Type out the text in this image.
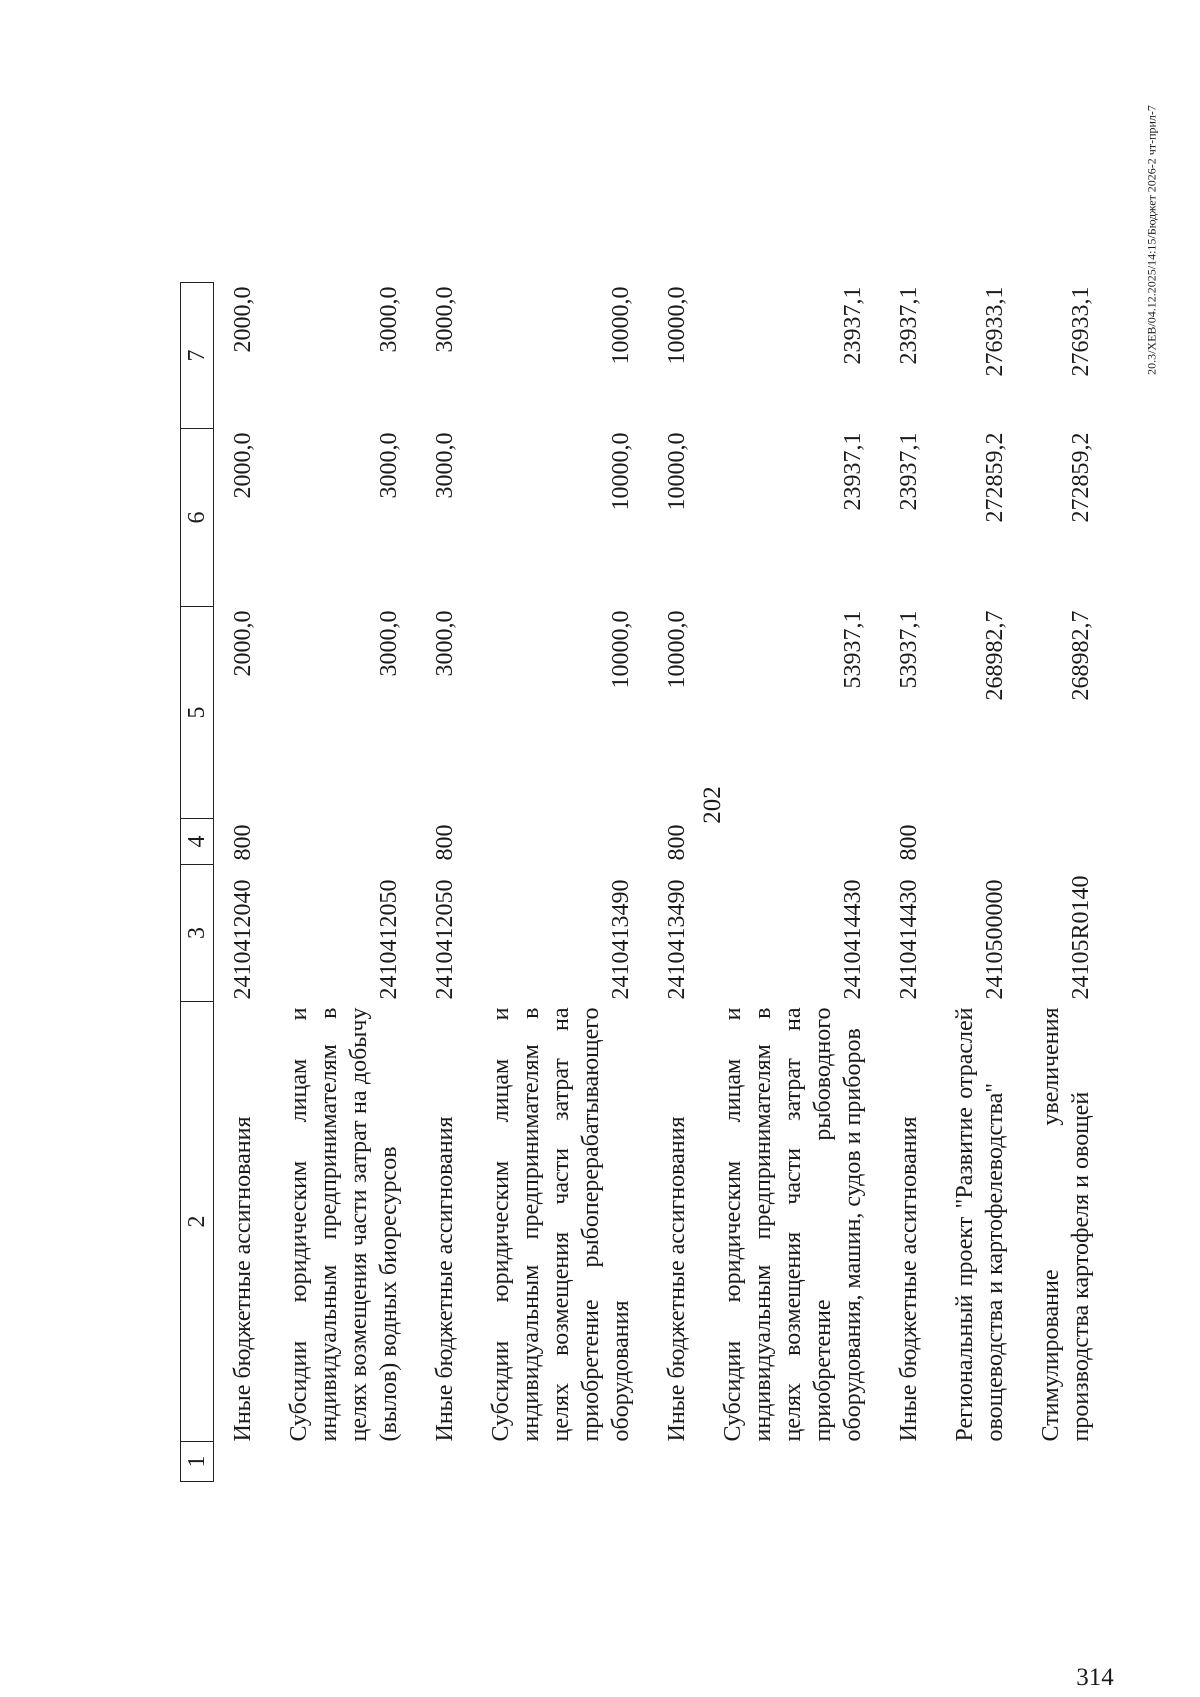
202
20.3/ХЕВ/04.12.2025/14:15/Бюджет 2026-2 чт-прил-7
314
1	2	3	4	5	6	7
Иные бюджетные ассигнования		2410412040	800	2000,0	2000,0	2000,0
Субсидии юридическим лицам и индивидуальным предпринимателям в целях возмещения части затрат на добычу (вылов) водных биоресурсов		2410412050		3000,0	3000,0	3000,0
Иные бюджетные ассигнования		2410412050	800	3000,0	3000,0	3000,0
Субсидии юридическим лицам и индивидуальным предпринимателям в целях возмещения части затрат на приобретение рыбоперерабатывающего оборудования		2410413490		10000,0	10000,0	10000,0
Иные бюджетные ассигнования		2410413490	800	10000,0	10000,0	10000,0
Субсидии юридическим лицам и индивидуальным предпринимателям в целях возмещения части затрат на приобретение рыбоводного оборудования, машин, судов и приборов		2410414430		53937,1	23937,1	23937,1
Иные бюджетные ассигнования		2410414430	800	53937,1	23937,1	23937,1
Региональный проект "Развитие отраслей овощеводства и картофелеводства"		2410500000		268982,7	272859,2	276933,1
Стимулирование увеличения производства картофеля и овощей		24105R0140		268982,7	272859,2	276933,1
